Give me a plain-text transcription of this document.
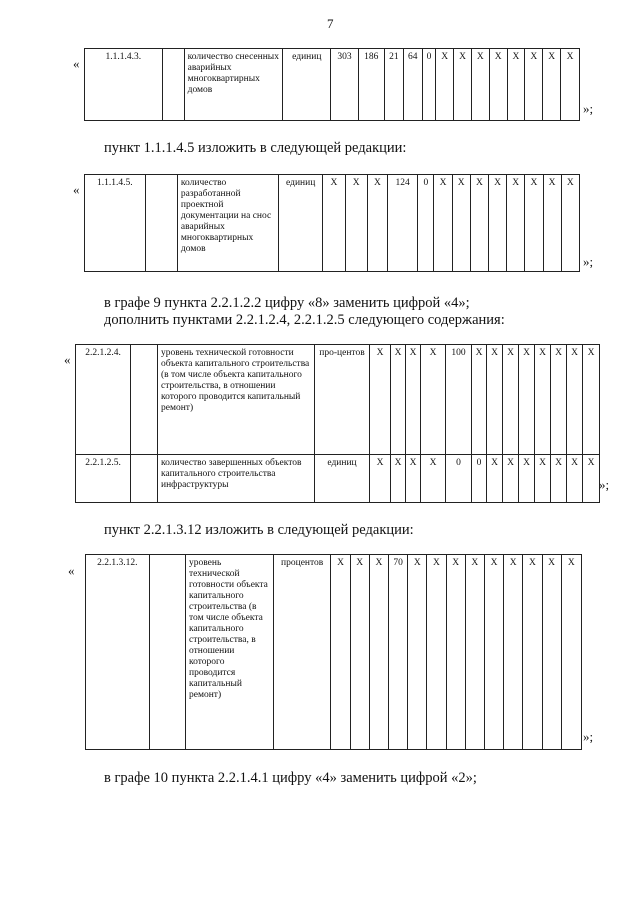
7
«	1.1.1.4.3.		количество снесенных аварийных многоквартирных домов	единиц	303	186	21	64	0	X	X	X	X	X	X	X	X
»;
пункт 1.1.1.4.5 изложить в следующей редакции:
« 1.1.1.4.5.		количество разработанной проектной документации на снос аварийных многоквартирных домов	единиц	X	X	X	124	0	X	X	X	X	X	X	X	X
»;
в графе 9 пункта 2.2.1.2.2 цифру «8» заменить цифрой «4»;
дополнить пунктами 2.2.1.2.4, 2.2.1.2.5 следующего содержания:
« 2.2.1.2.4.		уровень технической готовности объекта капитального строительства (в том числе объекта капитального строительства, в отношении которого проводится капитальный ремонт)	про-центов	X	X	X	X	100	X	X	X	X	X	X	X	X
2.2.1.2.5.		количество завершенных объектов капитального строительства инфраструктуры	единиц	X	X	X	X	0	0	X	X	X	X	X	X	X
»;
пункт 2.2.1.3.12 изложить в следующей редакции:
« 2.2.1.3.12.		уровень технической готовности объекта капитального строительства (в том числе объекта капитального строительства, в отношении которого проводится капитальный ремонт)	процентов	X	X	X	70	X	X	X	X	X	X	X	X	X
»;
в графе 10 пункта 2.2.1.4.1 цифру «4» заменить цифрой «2»;
